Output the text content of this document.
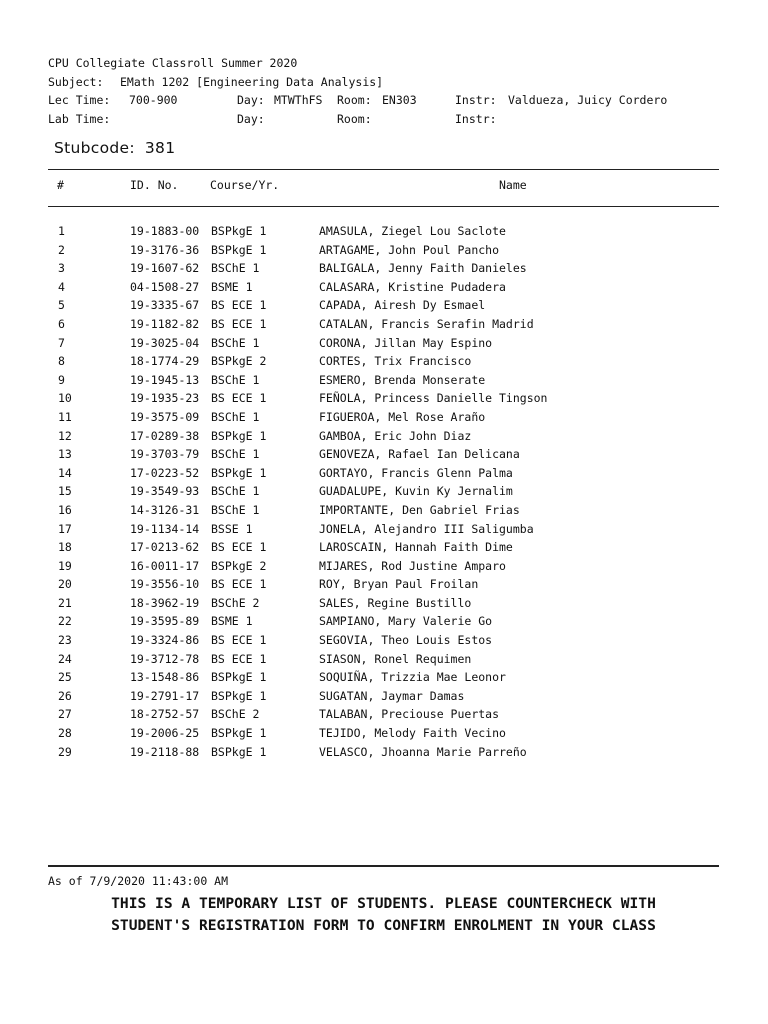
CPU Collegiate Classroll Summer 2020

Subject:

EMath 1202 [Engineering Data Analysis]

Lec Time:

700-900

	Day:

MTWThFS

Room:

EN303

	Instr:

Valdueza, Juicy Cordero

Lab Time:

	Day:

	Room:

	Instr:

Stubcode: 381
#	ID. No.	Course/Yr.	Name
1	19-1883-00 BSPkgE 1	AMASULA, Ziegel Lou Saclote
2	19-3176-36 BSPkgE 1	ARTAGAME, John Poul Pancho
3	19-1607-62 BSChE 1	BALIGALA, Jenny Faith Danieles
4	04-1508-27 BSME 1	CALASARA, Kristine Pudadera
5	19-3335-67 BS ECE 1	CAPADA, Airesh Dy Esmael
6	19-1182-82 BS ECE 1	CATALAN, Francis Serafin Madrid
7	19-3025-04 BSChE 1	CORONA, Jillan May Espino
8	18-1774-29 BSPkgE 2	CORTES, Trix Francisco
9	19-1945-13 BSChE 1	ESMERO, Brenda Monserate
10	19-1935-23 BS ECE 1	FEÑOLA, Princess Danielle Tingson
11	19-3575-09 BSChE 1	FIGUEROA, Mel Rose Araño
12	17-0289-38 BSPkgE 1	GAMBOA, Eric John Diaz
13	19-3703-79 BSChE 1	GENOVEZA, Rafael Ian Delicana
14	17-0223-52 BSPkgE 1	GORTAYO, Francis Glenn Palma
15	19-3549-93 BSChE 1	GUADALUPE, Kuvin Ky Jernalim
16	14-3126-31 BSChE 1	IMPORTANTE, Den Gabriel Frias
17	19-1134-14 BSSE 1	JONELA, Alejandro III Saligumba
18	17-0213-62 BS ECE 1	LAROSCAIN, Hannah Faith Dime
19	16-0011-17 BSPkgE 2	MIJARES, Rod Justine Amparo
20	19-3556-10 BS ECE 1	ROY, Bryan Paul Froilan
21	18-3962-19 BSChE 2	SALES, Regine Bustillo
22	19-3595-89 BSME 1	SAMPIANO, Mary Valerie Go
23	19-3324-86 BS ECE 1	SEGOVIA, Theo Louis Estos
24	19-3712-78 BS ECE 1	SIASON, Ronel Requimen
25	13-1548-86 BSPkgE 1	SOQUIÑA, Trizzia Mae Leonor
26	19-2791-17 BSPkgE 1	SUGATAN, Jaymar Damas
27	18-2752-57 BSChE 2	TALABAN, Preciouse Puertas
28	19-2006-25 BSPkgE 1	TEJIDO, Melody Faith Vecino
29	19-2118-88 BSPkgE 1	VELASCO, Jhoanna Marie Parreño
As of 7/9/2020 11:43:00 AM
THIS IS A TEMPORARY LIST OF STUDENTS. PLEASE COUNTERCHECK WITH
STUDENT'S REGISTRATION FORM TO CONFIRM ENROLMENT IN YOUR CLASS
